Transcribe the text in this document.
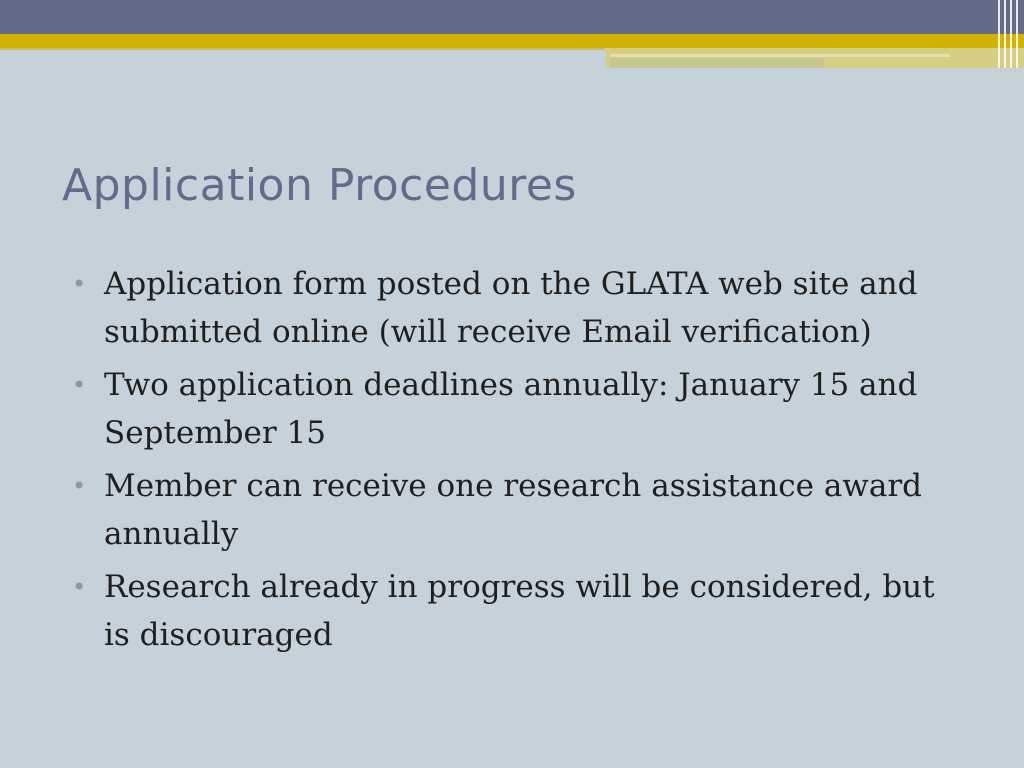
Application Procedures
• Application form posted on the GLATA web site and submitted online (will receive Email verification)
• Two application deadlines annually: January 15 and September 15
• Member can receive one research assistance award annually
• Research already in progress will be considered, but is discouraged
